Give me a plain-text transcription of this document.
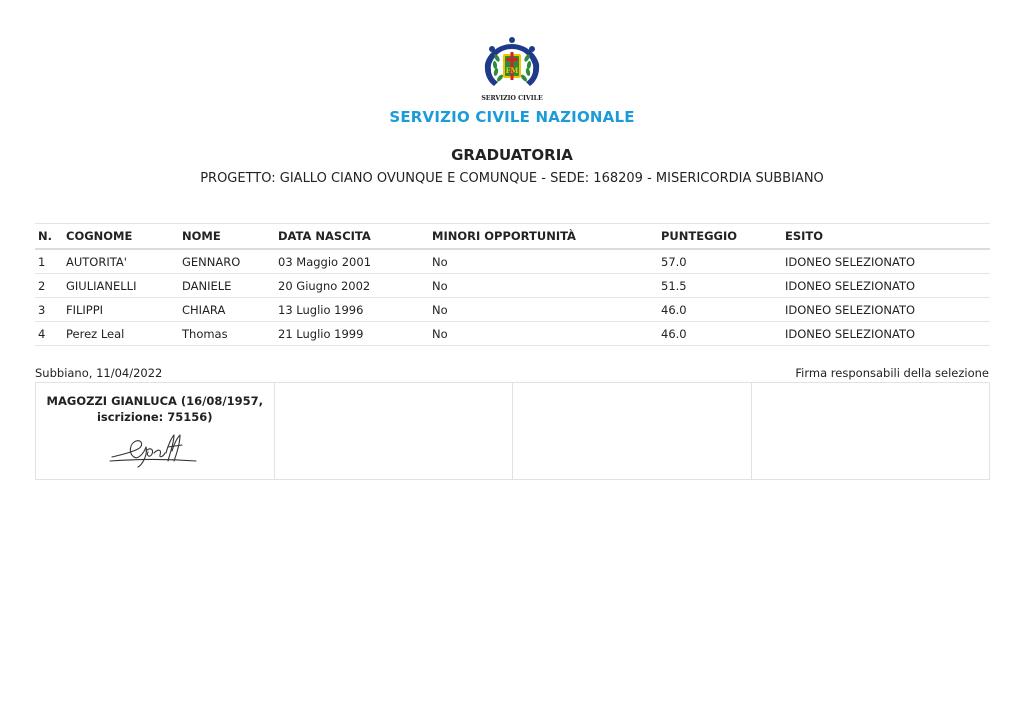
FM
SERVIZIO CIVILE
SERVIZIO CIVILE NAZIONALE
GRADUATORIA
PROGETTO: GIALLO CIANO OVUNQUE E COMUNQUE - SEDE: 168209 - MISERICORDIA SUBBIANO
N.	COGNOME	NOME	DATA NASCITA	MINORI OPPORTUNITÀ	PUNTEGGIO	ESITO
1	AUTORITA'	GENNARO	03 Maggio 2001	No	57.0	IDONEO SELEZIONATO
2	GIULIANELLI	DANIELE	20 Giugno 2002	No	51.5	IDONEO SELEZIONATO
3	FILIPPI	CHIARA	13 Luglio 1996	No	46.0	IDONEO SELEZIONATO
4	Perez Leal	Thomas	21 Luglio 1999	No	46.0	IDONEO SELEZIONATO
Subbiano, 11/04/2022	Firma responsabili della selezione
MAGOZZI GIANLUCA (16/08/1957,
iscrizione: 75156)
